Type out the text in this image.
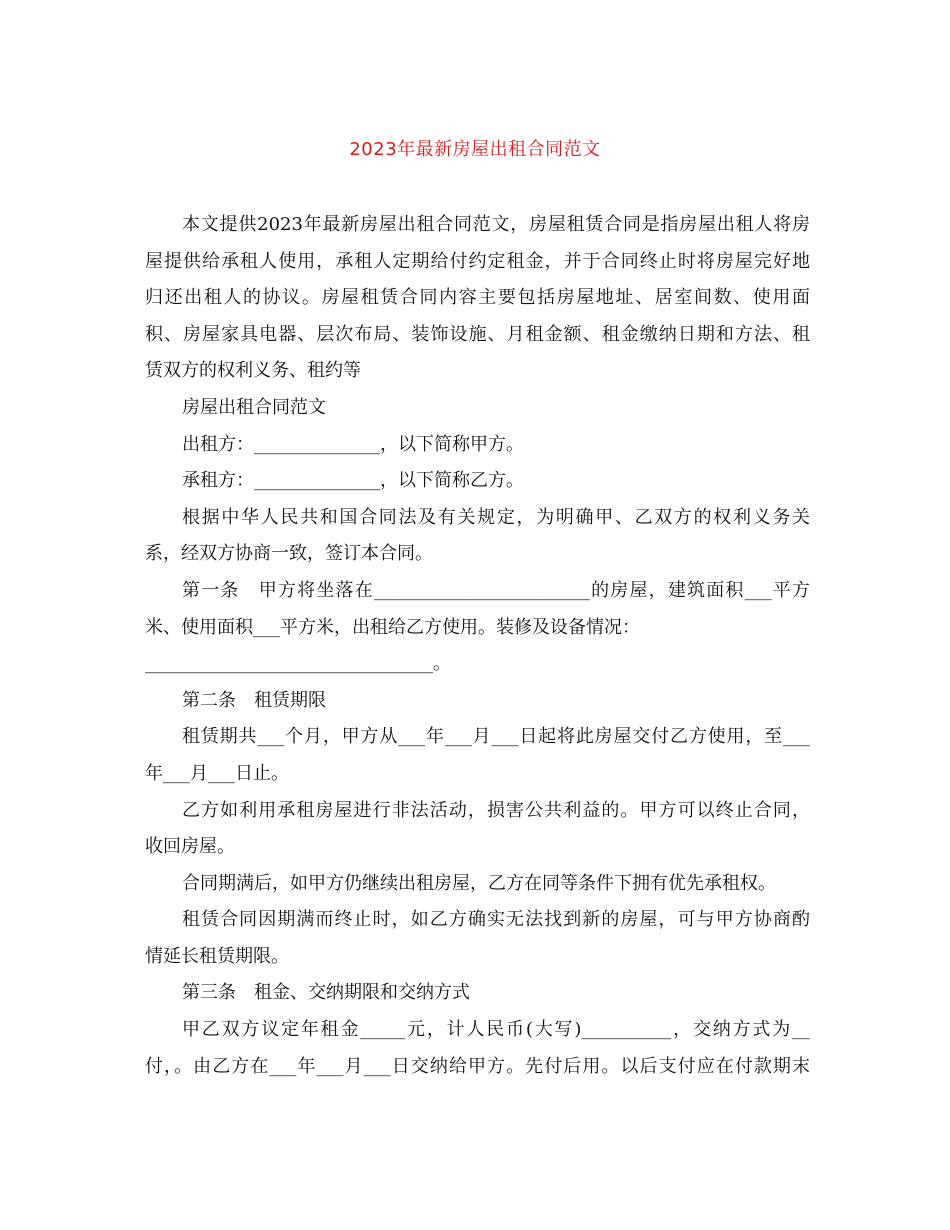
2023年最新房屋出租合同范文
本文提供2023年最新房屋出租合同范文，房屋租赁合同是指房屋出租人将房
屋提供给承租人使用，承租人定期给付约定租金，并于合同终止时将房屋完好地
归还出租人的协议。房屋租赁合同内容主要包括房屋地址、居室间数、使用面
积、房屋家具电器、层次布局、装饰设施、月租金额、租金缴纳日期和方法、租
赁双方的权利义务、租约等
房屋出租合同范文
出租方：______________，以下简称甲方。
承租方：______________，以下简称乙方。
根据中华人民共和国合同法及有关规定，为明确甲、乙双方的权利义务关
系，经双方协商一致，签订本合同。
第一条　甲方将坐落在________________________的房屋，建筑面积___平方
米、使用面积___平方米，出租给乙方使用。装修及设备情况：
________________________________。
第二条　租赁期限
租赁期共___个月，甲方从___年___月___日起将此房屋交付乙方使用，至___
年___月___日止。
乙方如利用承租房屋进行非法活动，损害公共利益的。甲方可以终止合同，
收回房屋。
合同期满后，如甲方仍继续出租房屋，乙方在同等条件下拥有优先承租权。
租赁合同因期满而终止时，如乙方确实无法找到新的房屋，可与甲方协商酌
情延长租赁期限。
第三条　租金、交纳期限和交纳方式
甲乙双方议定年租金_____元，计人民币(大写)__________，交纳方式为__
付，。由乙方在___年___月___日交纳给甲方。先付后用。以后支付应在付款期末
